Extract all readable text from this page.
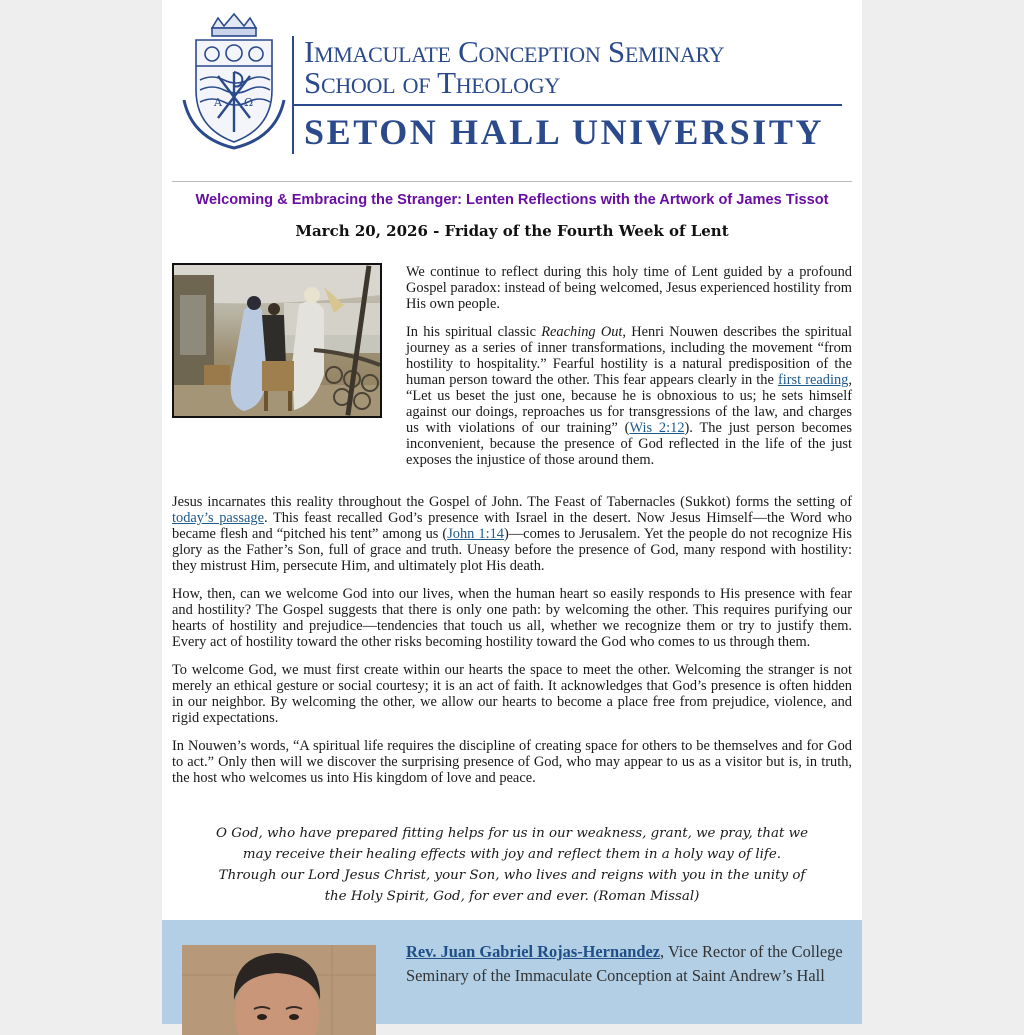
A Ω
Immaculate Conception Seminary
School of Theology
SETON HALL UNIVERSITY
Welcoming & Embracing the Stranger: Lenten Reflections with the Artwork of James Tissot
March 20, 2026 - Friday of the Fourth Week of Lent

We continue to reflect during this holy time of Lent guided by a profound Gospel paradox: instead of being welcomed, Jesus experienced hostility from His own people.

In his spiritual classic Reaching Out, Henri Nouwen describes the spiritual journey as a series of inner transformations, including the movement “from hostility to hospitality.” Fearful hostility is a natural predisposition of the human person toward the other. This fear appears clearly in the first reading, “Let us beset the just one, because he is obnoxious to us; he sets himself against our doings, reproaches us for transgressions of the law, and charges us with violations of our training” (Wis 2:12). The just person becomes inconvenient, because the presence of God reflected in the life of the just exposes the injustice of those around them.

Jesus incarnates this reality throughout the Gospel of John. The Feast of Tabernacles (Sukkot) forms the setting of today’s passage. This feast recalled God’s presence with Israel in the desert. Now Jesus Himself—the Word who became flesh and “pitched his tent” among us (John 1:14)—comes to Jerusalem. Yet the people do not recognize His glory as the Father’s Son, full of grace and truth. Uneasy before the presence of God, many respond with hostility: they mistrust Him, persecute Him, and ultimately plot His death.

How, then, can we welcome God into our lives, when the human heart so easily responds to His presence with fear and hostility? The Gospel suggests that there is only one path: by welcoming the other. This requires purifying our hearts of hostility and prejudice—tendencies that touch us all, whether we recognize them or try to justify them. Every act of hostility toward the other risks becoming hostility toward the God who comes to us through them.

To welcome God, we must first create within our hearts the space to meet the other. Welcoming the stranger is not merely an ethical gesture or social courtesy; it is an act of faith. It acknowledges that God’s presence is often hidden in our neighbor. By welcoming the other, we allow our hearts to become a place free from prejudice, violence, and rigid expectations.

In Nouwen’s words, “A spiritual life requires the discipline of creating space for others to be themselves and for God to act.” Only then will we discover the surprising presence of God, who may appear to us as a visitor but is, in truth, the host who welcomes us into His kingdom of love and peace.

O God, who have prepared fitting helps for us in our weakness, grant, we pray, that we may receive their healing effects with joy and reflect them in a holy way of life. Through our Lord Jesus Christ, your Son, who lives and reigns with you in the unity of the Holy Spirit, God, for ever and ever. (Roman Missal)
Rev. Juan Gabriel Rojas-Hernandez, Vice Rector of the College Seminary of the Immaculate Conception at Saint Andrew’s Hall
